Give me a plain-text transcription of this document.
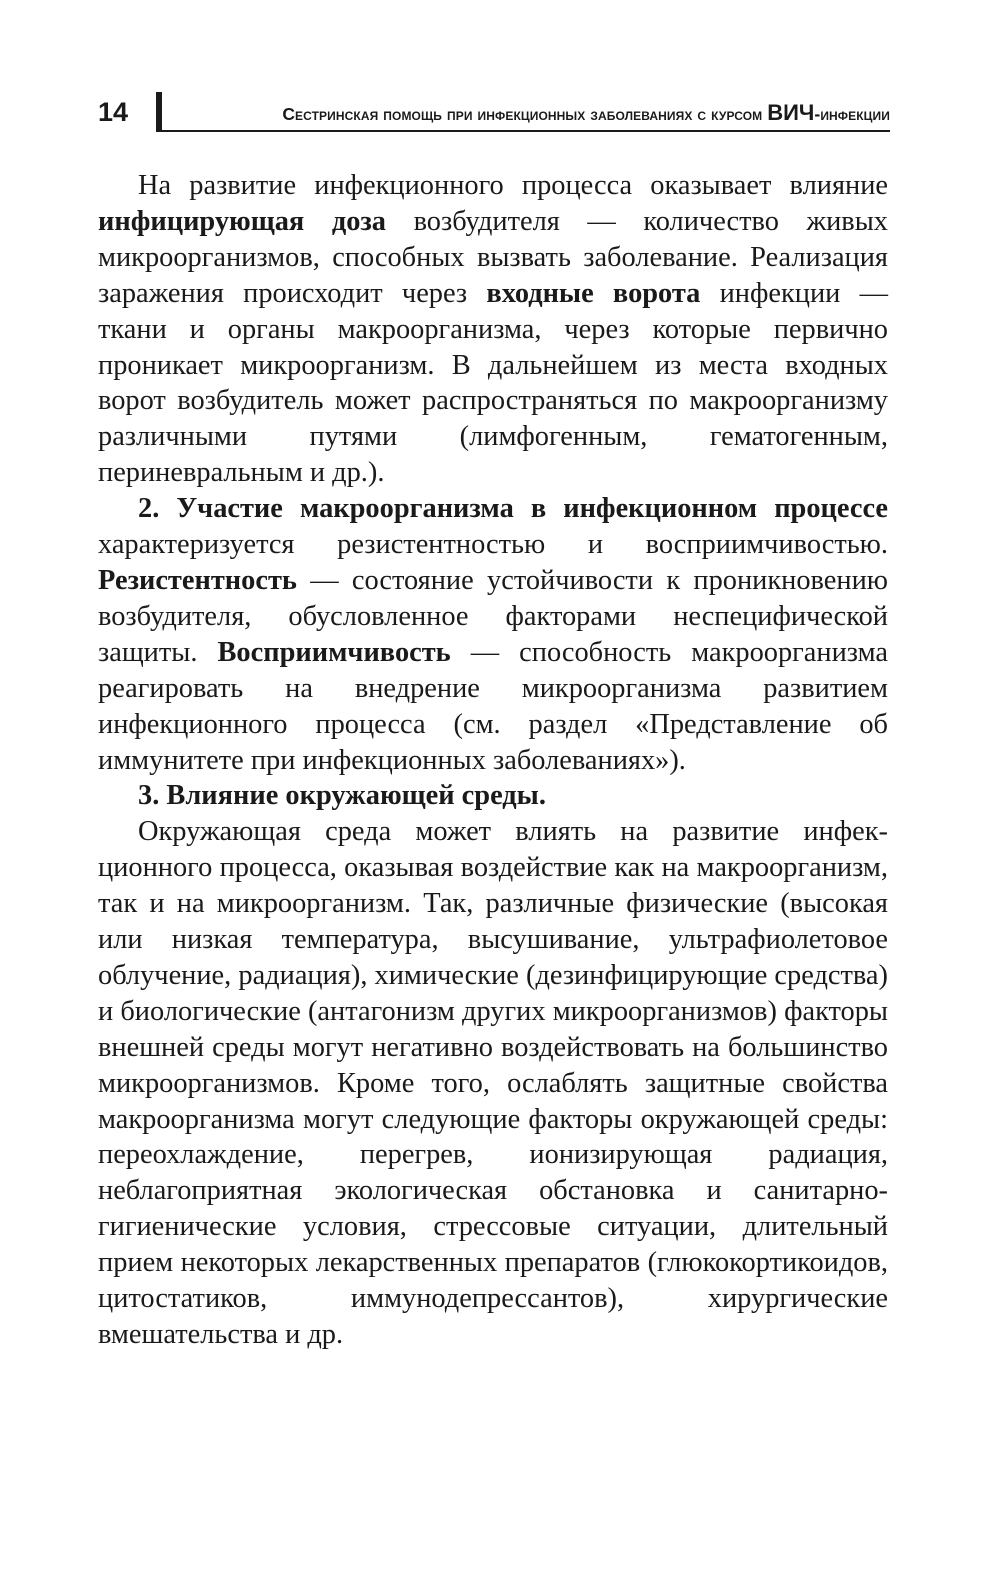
14	Сестринская помощь при инфекционных заболеваниях с курсом ВИЧ-инфекции

На развитие инфекционного процесса оказывает влияние инфицирующая доза возбудителя — количество живых микроорганизмов, способных вызвать заболевание. Реализация заражения происходит через входные ворота инфекции — ткани и органы макроорганизма, через которые первично проникает микроорганизм. В дальнейшем из места входных ворот возбудитель может распространяться по макроорганизму различными путями (лимфогенным, гематогенным, периневральным и др.).

2. Участие макроорганизма в инфекционном процессе характеризуется резистентностью и восприимчивостью. Резистентность — состояние устойчивости к проникновению возбудителя, обусловленное факторами неспецифической защиты. Восприимчивость — способность макроорганизма реагировать на внедрение микроорганизма развитием инфекционного процесса (см. раздел «Представление об иммунитете при инфекционных заболеваниях»).

3. Влияние окружающей среды.

Окружающая среда может влиять на развитие инфекционного процесса, оказывая воздействие как на макроорганизм, так и на микроорганизм. Так, различные физические (высокая или низкая температура, высушивание, ультрафиолетовое облучение, радиация), химические (дезинфицирующие средства) и биологические (антагонизм других микроорганизмов) факторы внешней среды могут негативно воздействовать на большинство микроорганизмов. Кроме того, ослаблять защитные свойства макроорганизма могут следующие факторы окружающей среды: переохлаждение, перегрев, ионизирующая радиация, неблагоприятная экологическая обстановка и санитарно-гигиенические условия, стрессовые ситуации, длительный прием некоторых лекарственных препаратов (глюкокортикоидов, цитостатиков, иммунодепрессантов), хирургические вмешательства и др.
